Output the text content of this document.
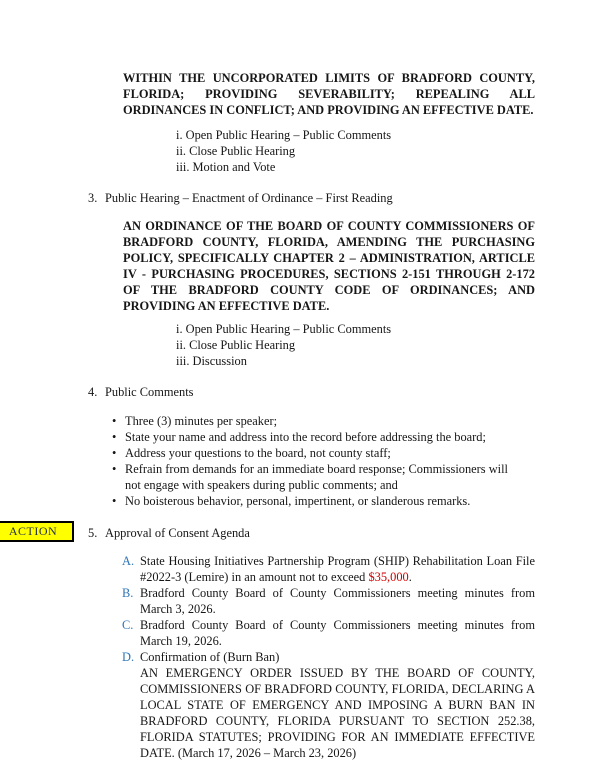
WITHIN THE UNCORPORATED LIMITS OF BRADFORD COUNTY, FLORIDA; PROVIDING SEVERABILITY; REPEALING ALL ORDINANCES IN CONFLICT; AND PROVIDING AN EFFECTIVE DATE.

i. Open Public Hearing – Public Comments
ii. Close Public Hearing
iii. Motion and Vote
3. Public Hearing – Enactment of Ordinance – First Reading

AN ORDINANCE OF THE BOARD OF COUNTY COMMISSIONERS OF BRADFORD COUNTY, FLORIDA, AMENDING THE PURCHASING POLICY, SPECIFICALLY CHAPTER 2 – ADMINISTRATION, ARTICLE IV - PURCHASING PROCEDURES, SECTIONS 2-151 THROUGH 2-172 OF THE BRADFORD COUNTY CODE OF ORDINANCES; AND PROVIDING AN EFFECTIVE DATE.

i. Open Public Hearing – Public Comments
ii. Close Public Hearing
iii. Discussion
4. Public Comments
• Three (3) minutes per speaker;
• State your name and address into the record before addressing the board;
• Address your questions to the board, not county staff;
• Refrain from demands for an immediate board response; Commissioners will not engage with speakers during public comments; and
• No boisterous behavior, personal, impertinent, or slanderous remarks.
ACTION	5. Approval of Consent Agenda
A. State Housing Initiatives Partnership Program (SHIP) Rehabilitation Loan File #2022-3 (Lemire) in an amount not to exceed $35,000.
B. Bradford County Board of County Commissioners meeting minutes from March 3, 2026.
C. Bradford County Board of County Commissioners meeting minutes from March 19, 2026.
D. Confirmation of (Burn Ban)
AN EMERGENCY ORDER ISSUED BY THE BOARD OF COUNTY, COMMISSIONERS OF BRADFORD COUNTY, FLORIDA, DECLARING A LOCAL STATE OF EMERGENCY AND IMPOSING A BURN BAN IN BRADFORD COUNTY, FLORIDA PURSUANT TO SECTION 252.38, FLORIDA STATUTES; PROVIDING FOR AN IMMEDIATE EFFECTIVE DATE. (March 17, 2026 – March 23, 2026)
